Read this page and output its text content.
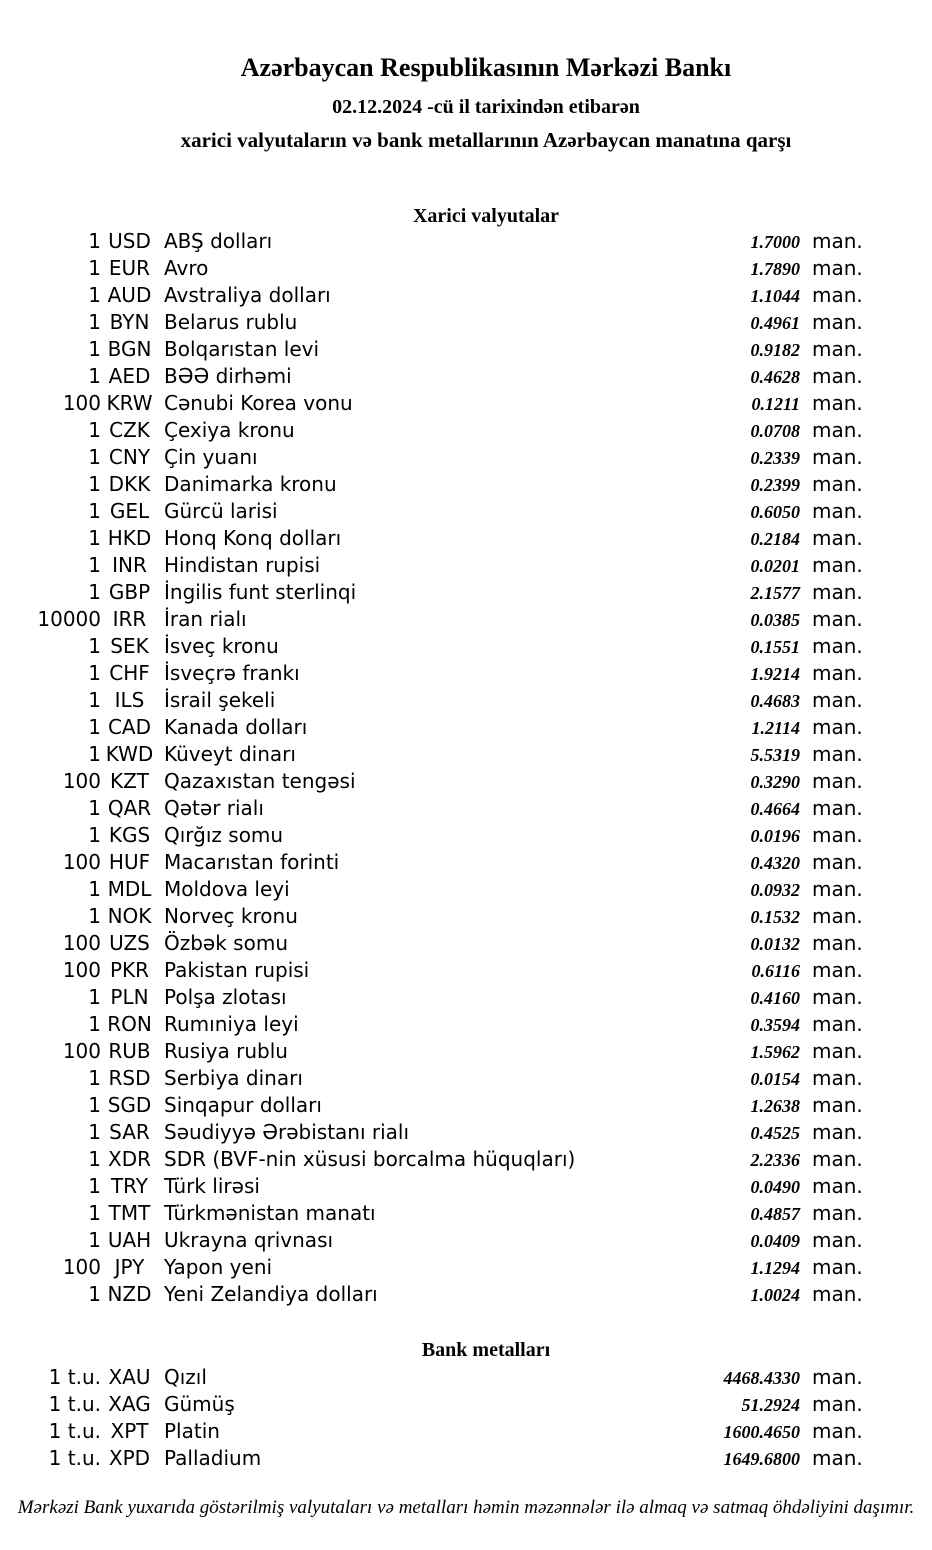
Azərbaycan Respublikasının Mərkəzi Bankı
02.12.2024 -cü il tarixindən etibarən
xarici valyutaların və bank metallarının Azərbaycan manatına qarşı
Xarici valyutalar
1 USD ABŞ dolları	1.7000 man.
1 EUR Avro	1.7890 man.
1 AUD Avstraliya dolları	1.1044 man.
1 BYN Belarus rublu	0.4961 man.
1 BGN Bolqarıstan levi	0.9182 man.
1 AED BƏƏ dirhəmi	0.4628 man.
100 KRW Cənubi Korea vonu	0.1211 man.
1 CZK Çexiya kronu	0.0708 man.
1 CNY Çin yuanı	0.2339 man.
1 DKK Danimarka kronu	0.2399 man.
1 GEL Gürcü larisi	0.6050 man.
1 HKD Honq Konq dolları	0.2184 man.
1 INR Hindistan rupisi	0.0201 man.
1 GBP İngilis funt sterlinqi	2.1577 man.
10000 IRR İran rialı	0.0385 man.
1 SEK İsveç kronu	0.1551 man.
1 CHF İsveçrə frankı	1.9214 man.
1 ILS İsrail şekeli	0.4683 man.
1 CAD Kanada dolları	1.2114 man.
1 KWD Küveyt dinarı	5.5319 man.
100 KZT Qazaxıstan tengəsi	0.3290 man.
1 QAR Qətər rialı	0.4664 man.
1 KGS Qırğız somu	0.0196 man.
100 HUF Macarıstan forinti	0.4320 man.
1 MDL Moldova leyi	0.0932 man.
1 NOK Norveç kronu	0.1532 man.
100 UZS Özbək somu	0.0132 man.
100 PKR Pakistan rupisi	0.6116 man.
1 PLN Polşa zlotası	0.4160 man.
1 RON Rumıniya leyi	0.3594 man.
100 RUB Rusiya rublu	1.5962 man.
1 RSD Serbiya dinarı	0.0154 man.
1 SGD Sinqapur dolları	1.2638 man.
1 SAR Səudiyyə Ərəbistanı rialı	0.4525 man.
1 XDR SDR (BVF-nin xüsusi borcalma hüquqları)	2.2336 man.
1 TRY Türk lirəsi	0.0490 man.
1 TMT Türkmənistan manatı	0.4857 man.
1 UAH Ukrayna qrivnası	0.0409 man.
100 JPY Yapon yeni	1.1294 man.
1 NZD Yeni Zelandiya dolları	1.0024 man.
Bank metalları
1 t.u. XAU Qızıl	4468.4330 man.
1 t.u. XAG Gümüş	51.2924 man.
1 t.u. XPT Platin	1600.4650 man.
1 t.u. XPD Palladium	1649.6800 man.
Mərkəzi Bank yuxarıda göstərilmiş valyutaları və metalları həmin məzənnələr ilə almaq və satmaq öhdəliyini daşımır.
